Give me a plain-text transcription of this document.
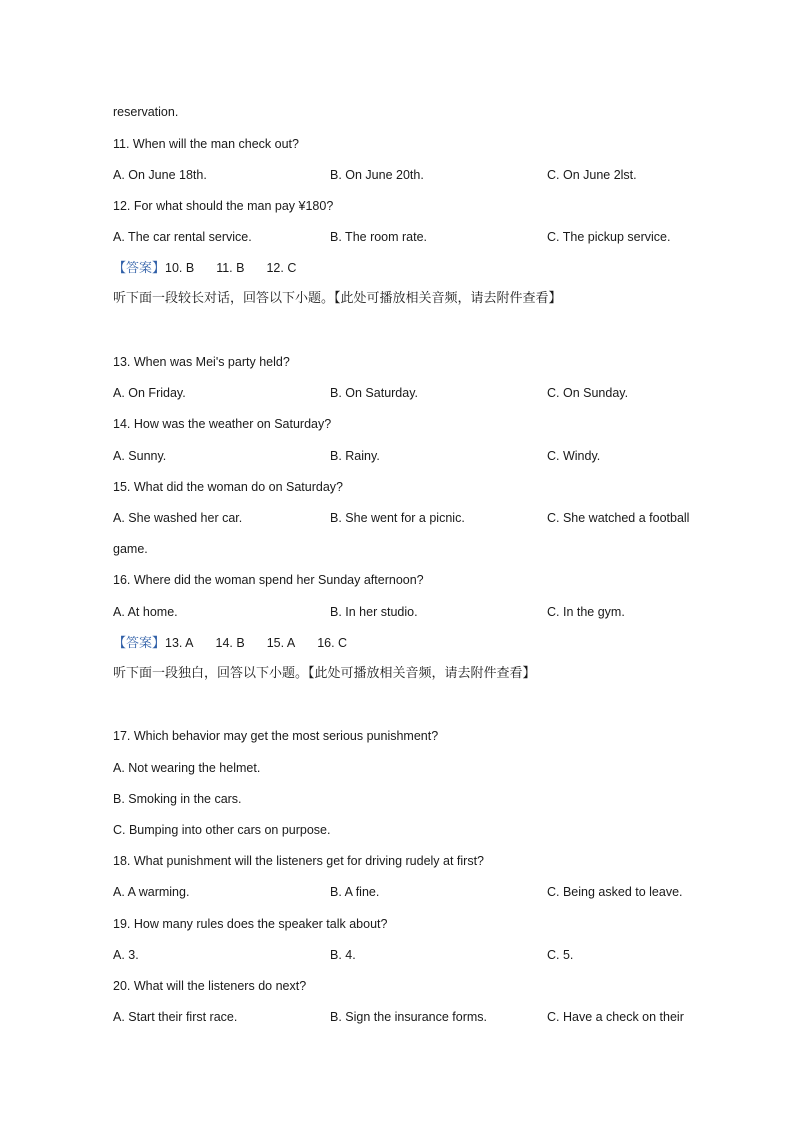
reservation.
11. When will the man check out?
A. On June 18th.	B. On June 20th.	C. On June 2lst.
12. For what should the man pay ¥180?
A. The car rental service.	B. The room rate.	C. The pickup service.
【答案】10. B 11. B 12. C
听下面一段较长对话，回答以下小题。【此处可播放相关音频，请去附件查看】
13. When was Mei's party held?
A. On Friday.	B. On Saturday.	C. On Sunday.
14. How was the weather on Saturday?
A. Sunny.	B. Rainy.	C. Windy.
15. What did the woman do on Saturday?
A. She washed her car.	B. She went for a picnic.	C. She watched a football
game.
16. Where did the woman spend her Sunday afternoon?
A. At home.	B. In her studio.	C. In the gym.
【答案】13. A 14. B 15. A 16. C
听下面一段独白，回答以下小题。【此处可播放相关音频，请去附件查看】
17. Which behavior may get the most serious punishment?
A. Not wearing the helmet.
B. Smoking in the cars.
C. Bumping into other cars on purpose.
18. What punishment will the listeners get for driving rudely at first?
A. A warming.	B. A fine.	C. Being asked to leave.
19. How many rules does the speaker talk about?
A. 3.	B. 4.	C. 5.
20. What will the listeners do next?
A. Start their first race.	B. Sign the insurance forms.	C. Have a check on their
